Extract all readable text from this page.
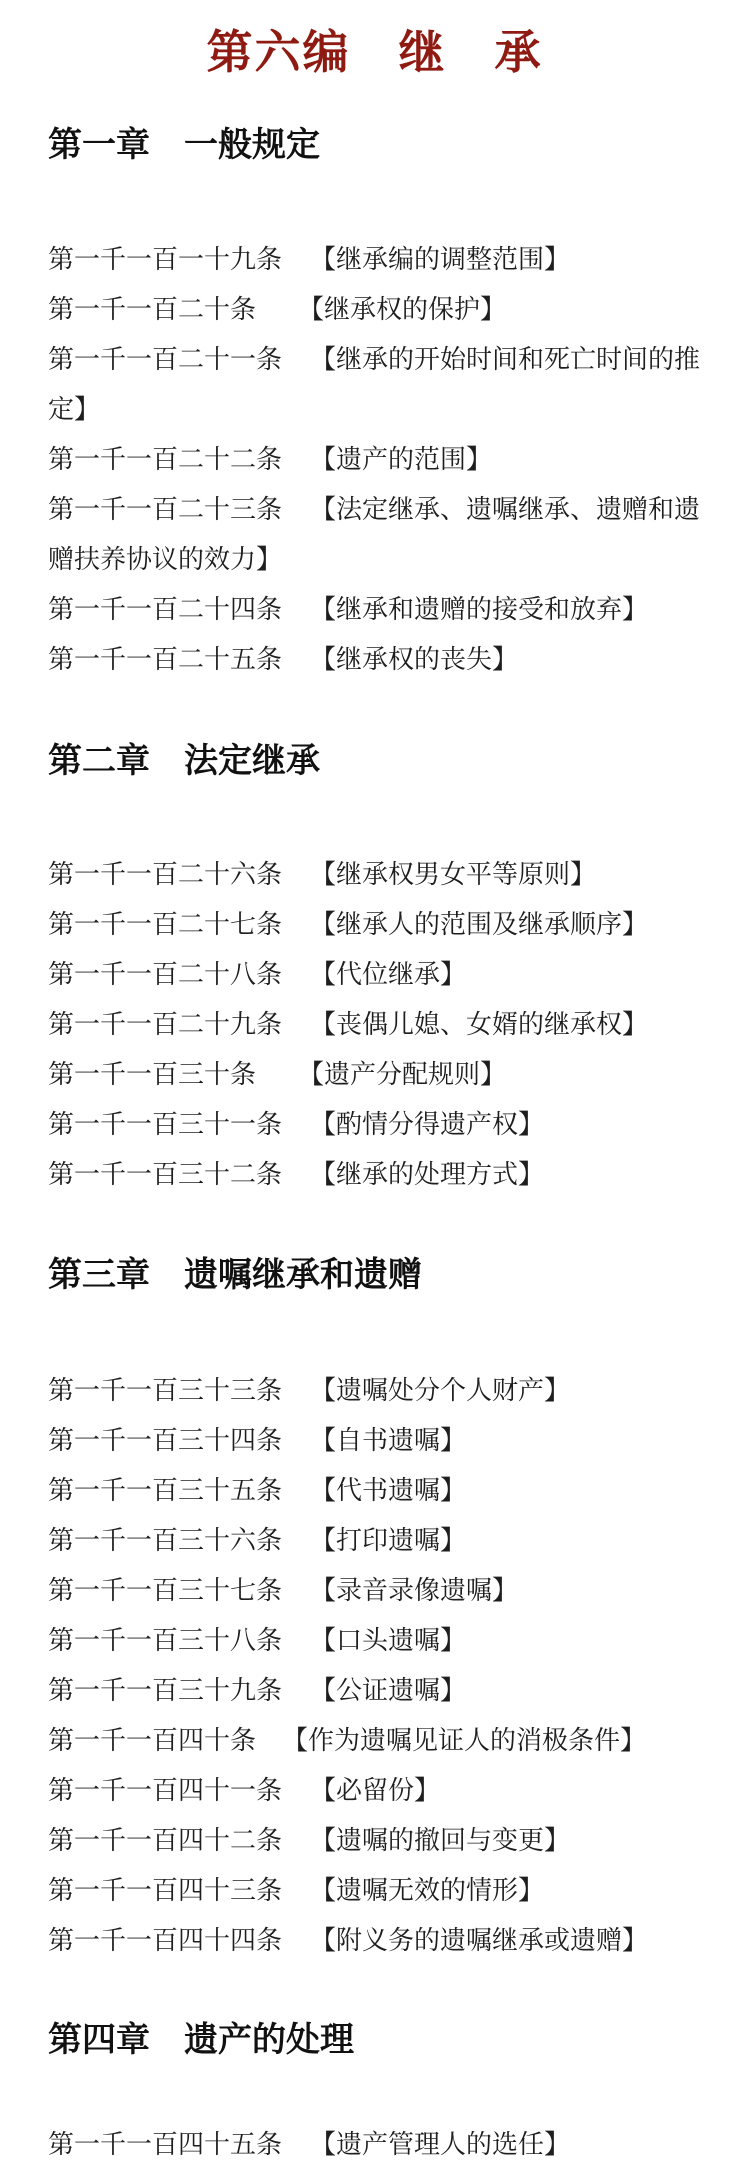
第六编　继　承
第一章　一般规定
第一千一百一十九条 【继承编的调整范围】
第一千一百二十条 【继承权的保护】
第一千一百二十一条 【继承的开始时间和死亡时间的推定】
第一千一百二十二条 【遗产的范围】
第一千一百二十三条 【法定继承、遗嘱继承、遗赠和遗赠扶养协议的效力】
第一千一百二十四条 【继承和遗赠的接受和放弃】
第一千一百二十五条 【继承权的丧失】
第二章　法定继承
第一千一百二十六条 【继承权男女平等原则】
第一千一百二十七条 【继承人的范围及继承顺序】
第一千一百二十八条 【代位继承】
第一千一百二十九条 【丧偶儿媳、女婿的继承权】
第一千一百三十条 【遗产分配规则】
第一千一百三十一条 【酌情分得遗产权】
第一千一百三十二条 【继承的处理方式】
第三章　遗嘱继承和遗赠
第一千一百三十三条 【遗嘱处分个人财产】
第一千一百三十四条 【自书遗嘱】
第一千一百三十五条 【代书遗嘱】
第一千一百三十六条 【打印遗嘱】
第一千一百三十七条 【录音录像遗嘱】
第一千一百三十八条 【口头遗嘱】
第一千一百三十九条 【公证遗嘱】
第一千一百四十条 【作为遗嘱见证人的消极条件】
第一千一百四十一条 【必留份】
第一千一百四十二条 【遗嘱的撤回与变更】
第一千一百四十三条 【遗嘱无效的情形】
第一千一百四十四条 【附义务的遗嘱继承或遗赠】
第四章　遗产的处理
第一千一百四十五条 【遗产管理人的选任】
